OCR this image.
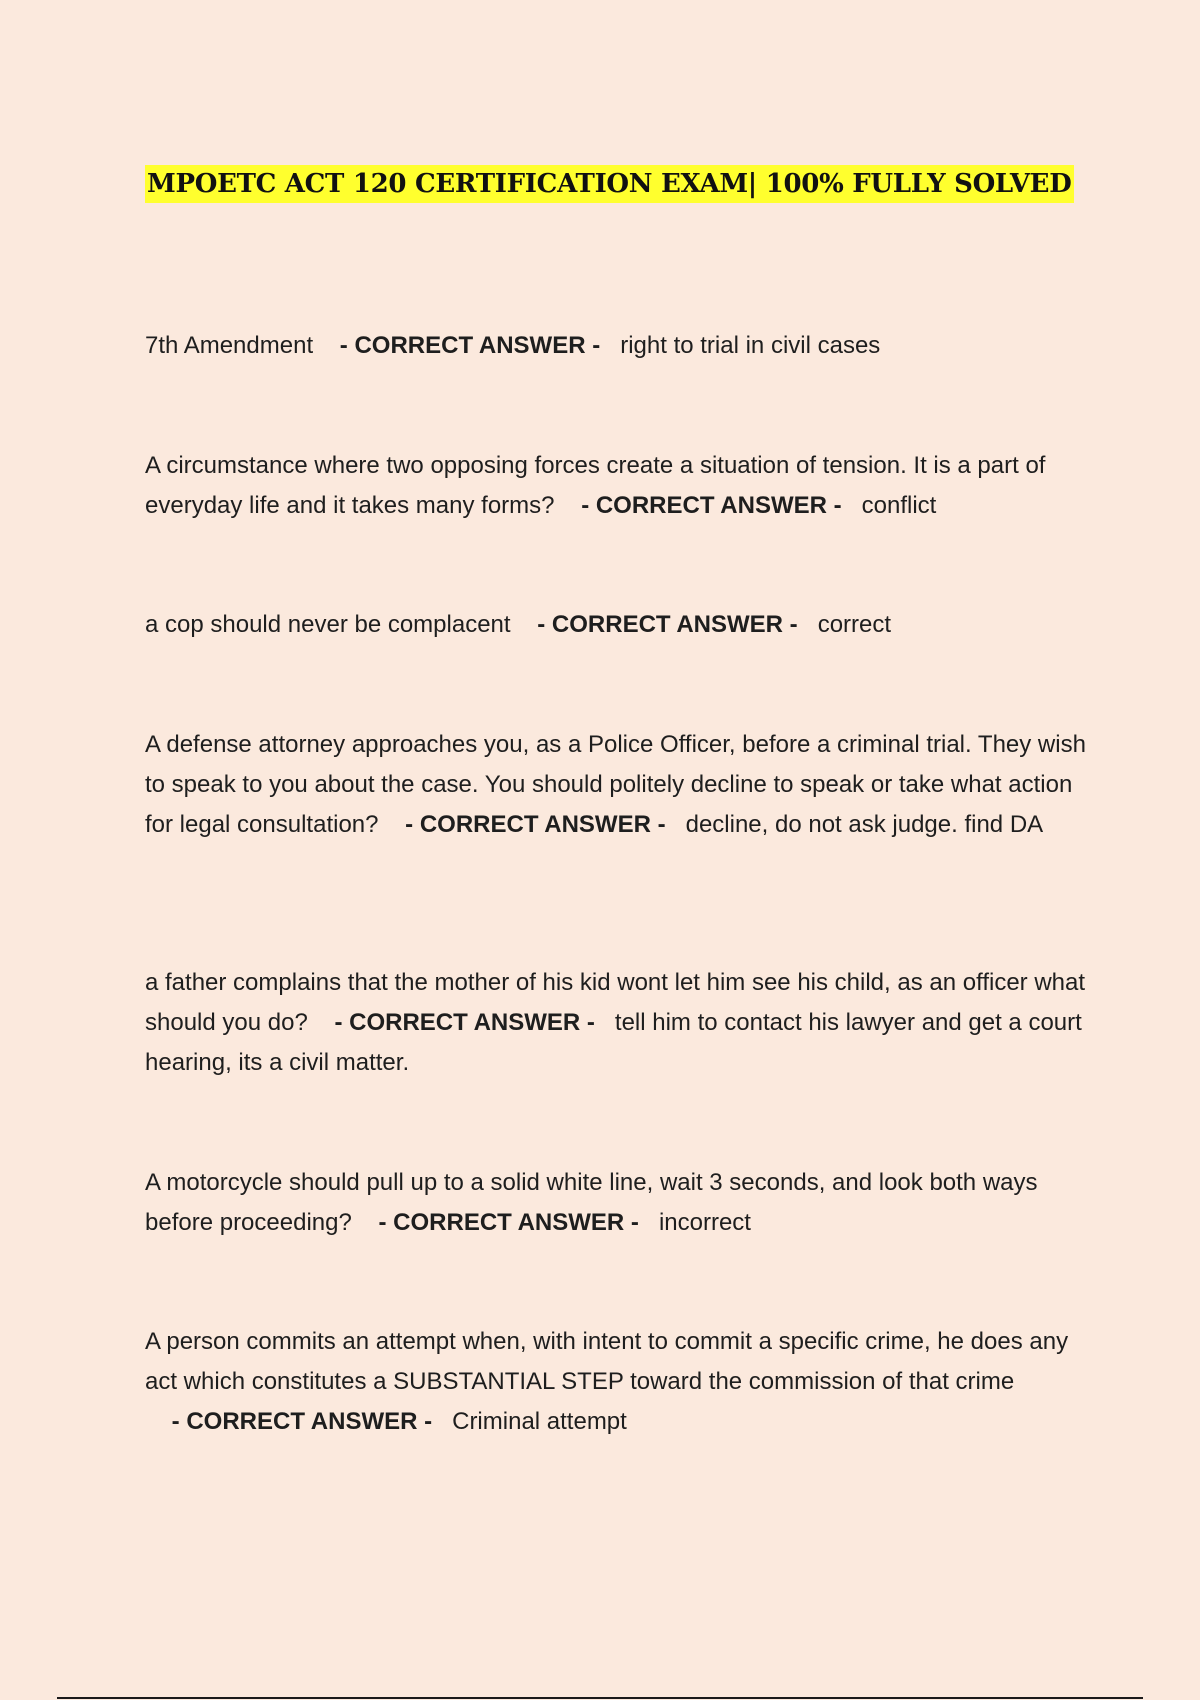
MPOETC ACT 120 CERTIFICATION EXAM| 100% FULLY SOLVED

7th Amendment    - CORRECT ANSWER -   right to trial in civil cases

A circumstance where two opposing forces create a situation of tension. It is a part of everyday life and it takes many forms?    - CORRECT ANSWER -   conflict

a cop should never be complacent    - CORRECT ANSWER -   correct

A defense attorney approaches you, as a Police Officer, before a criminal trial. They wish to speak to you about the case. You should politely decline to speak or take what action for legal consultation?    - CORRECT ANSWER -   decline, do not ask judge. find DA

a father complains that the mother of his kid wont let him see his child, as an officer what should you do?    - CORRECT ANSWER -   tell him to contact his lawyer and get a court hearing, its a civil matter.

A motorcycle should pull up to a solid white line, wait 3 seconds, and look both ways before proceeding?    - CORRECT ANSWER -   incorrect

A person commits an attempt when, with intent to commit a specific crime, he does any act which constitutes a SUBSTANTIAL STEP toward the commission of that crime    - CORRECT ANSWER -   Criminal attempt
